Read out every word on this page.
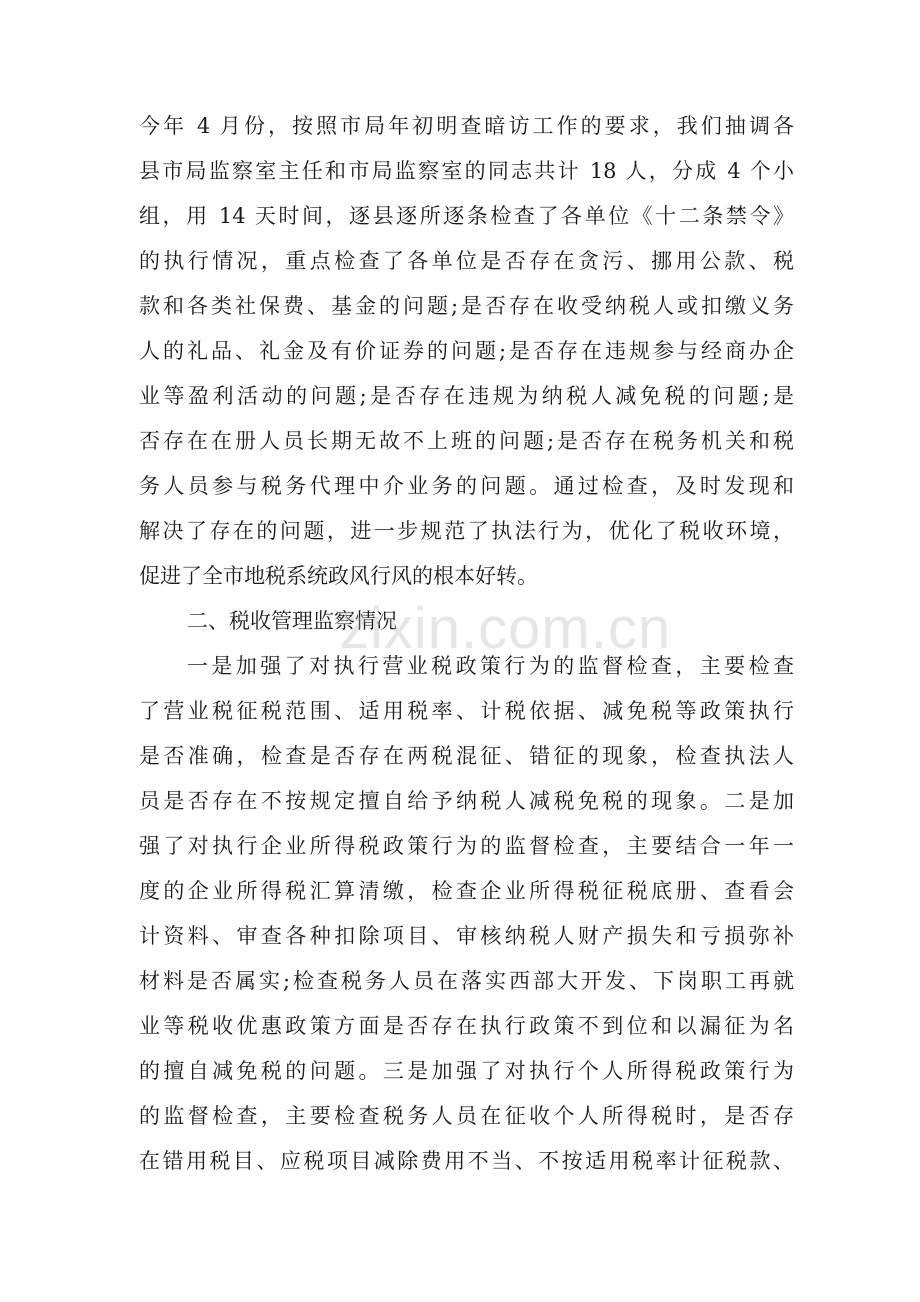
今年 4 月份，按照市局年初明查暗访工作的要求，我们抽调各
县市局监察室主任和市局监察室的同志共计 18 人，分成 4 个小
组，用 14 天时间，逐县逐所逐条检查了各单位《十二条禁令》
的执行情况，重点检查了各单位是否存在贪污、挪用公款、税
款和各类社保费、基金的问题;是否存在收受纳税人或扣缴义务
人的礼品、礼金及有价证券的问题;是否存在违规参与经商办企
业等盈利活动的问题;是否存在违规为纳税人减免税的问题;是
否存在在册人员长期无故不上班的问题;是否存在税务机关和税
务人员参与税务代理中介业务的问题。通过检查，及时发现和
解决了存在的问题，进一步规范了执法行为，优化了税收环境，
促进了全市地税系统政风行风的根本好转。
二、税收管理监察情况
一是加强了对执行营业税政策行为的监督检查，主要检查
了营业税征税范围、适用税率、计税依据、减免税等政策执行
是否准确，检查是否存在两税混征、错征的现象，检查执法人
员是否存在不按规定擅自给予纳税人减税免税的现象。二是加
强了对执行企业所得税政策行为的监督检查，主要结合一年一
度的企业所得税汇算清缴，检查企业所得税征税底册、查看会
计资料、审查各种扣除项目、审核纳税人财产损失和亏损弥补
材料是否属实;检查税务人员在落实西部大开发、下岗职工再就
业等税收优惠政策方面是否存在执行政策不到位和以漏征为名
的擅自减免税的问题。三是加强了对执行个人所得税政策行为
的监督检查，主要检查税务人员在征收个人所得税时，是否存
在错用税目、应税项目减除费用不当、不按适用税率计征税款、
zixin.com.cn
